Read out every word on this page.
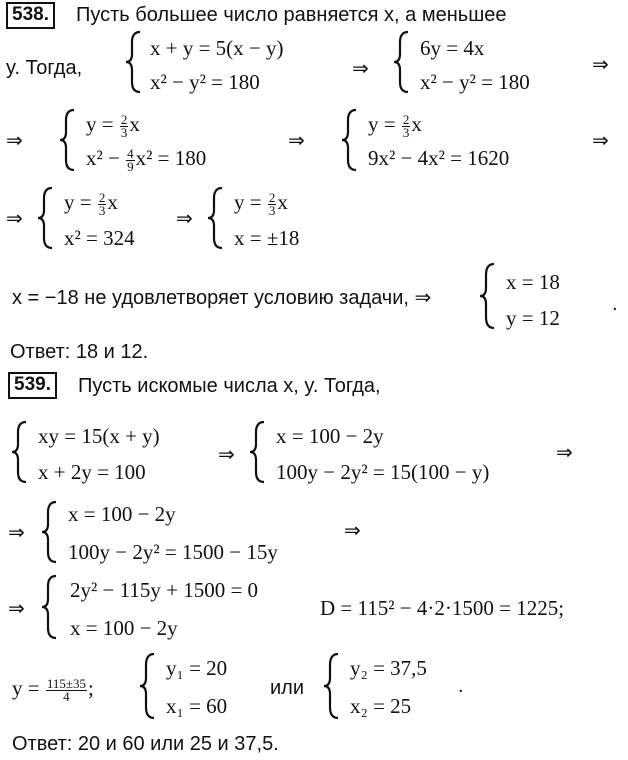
538.	Пусть большее число равняется x, а меньшее
y. Тогда,
x + y = 5(x − y)
x² − y² = 180
⇒
6y = 4x
x² − y² = 180
⇒
⇒
$y = \frac{2}{3}$ x
$x^2 - \frac{4}{9} x^2 = 180$
⇒
$y = \frac{2}{3}$ x
9x² − 4x² = 1620
⇒
⇒
$y = \frac{2}{3}$ x
x² = 324
⇒
$y = \frac{2}{3}$ x
x = ±18
x = −18 не удовлетворяет условию задачи, ⇒
x = 18
y = 12
.
Ответ: 18 и 12.
539.	Пусть искомые числа x, y. Тогда,
xy = 15(x + y)
x + 2y = 100
⇒
x = 100 − 2y
100y − 2y² = 15(100 − y)
⇒
⇒
x = 100 − 2y
100y − 2y² = 1500 − 15y
⇒
⇒
2y² − 115y + 1500 = 0
x = 100 − 2y
D = 115² − 4·2·1500 = 1225;
$y = \frac{115\pm 35}{4}$ ;
y₁ = 20
x₁ = 60
или
y₂ = 37,5
x₂ = 25
.
Ответ: 20 и 60 или 25 и 37,5.
